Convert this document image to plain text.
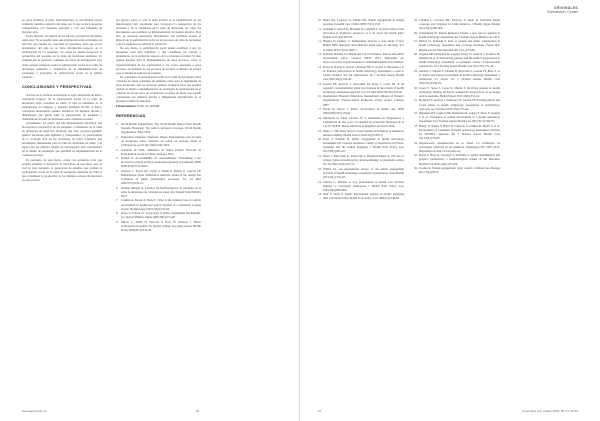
en estos términos. A nivel latinoamericano se encontraron escasa evidencia científica respecto del tema, por lo que se hace necesario complementar con literatura relevante y con una búsqueda de literatura gris.

Todos diversos, en opinión de los autores, encontraron relevantes entre estos. No es posible tener aún información sobre actividades de este tipo que pueden ser conocidas por pacientes, dado que en los documentos del país no se tiene información respecto de la participación de los pacientes, los cuales no suelen incorporar la perspectiva del paciente en la toma de decisiones sanitarias. Es evidente que es necesario continuar esta línea de investigación para poder generar evidencia sobre la participación social en la toma de decisiones sanitarias y evaluación de la implementación de estrategias y programas de participación social en el ámbito sanitario.

CONCLUSIONES Y PERSPECTIVAS.

A través de la revisión de literatura se logró desarrollar un marco conceptual respecto de la participación social en la toma de decisiones sobre cobertura en salud. Si bien el fenómeno de la participación es complejo, y presenta múltiples niveles, el marco conceptual desarrollado permite identificar los distintos niveles y dimensiones que puede tener la participación de pacientes y ciudadanía en la toma de decisiones sobre cobertura en salud.

Actualmente, los países que han implementado iniciativas que incorporan la perspectiva de los pacientes y ciudadanos en la toma de decisiones en salud han mostrado que estos procesos permiten generar decisiones más legítimas y transparentes. La participación de la sociedad civil en las decisiones de salud constituye una herramienta fundamental para la toma de decisiones en salud, y se espera que los distintos niveles de participación sean considerados en el diseño de estrategias que permitan su implementación en el contexto nacional.

Es necesario, de este modo, contar con evidencia local que permita sustentar el desarrollo de iniciativas en esta línea, para lo cual se hace necesario la generación de estudios que evalúen la participación social en la toma de decisiones sanitarias en Chile y que consideren la perspectiva de los distintos actores involucrados en este proceso.

Un aspecto sobre el cual se debe avanzar es la identificación de las metodologías más apropiadas para incorporar la perspectiva de los pacientes y de la ciudadanía en la toma de decisiones, así como los mecanismos que permitan su implementación de manera efectiva. Para ello, es necesario desarrollar herramientas que permitan evaluar el impacto de la participación social en los procesos de toma de decisiones y en los resultados en salud de la población.

De este modo, la participación social puede contribuir a que las decisiones sean más legítimas, y que consideren los valores y preferencias de la población respecto de la cobertura en salud. Si bien existen desafíos para la implementación de estos procesos, como la representatividad de los participantes y los costos asociados a estos procesos, su inclusión en los procesos de decisión constituye un avance para el sistema de salud en su conjunto.

En conclusión, la participación social en la toma de decisiones sobre cobertura en salud constituye un elemento clave para la legitimidad de estas decisiones. Aún es necesario generar evidencia local que permita orientar el diseño e implementación de estrategias de participación en el contexto de los procesos de priorización en salud, de modo que puedan considerarse los distintos niveles y dimensiones identificadas en la presente revisión de literatura.

Financiamiento: Fondo SA 14I0288.

REFERENCIAS.
1. World Health Organization. The World Health Report 2010. Health Systems Financing: The path to universal coverage. World Health Organization; Press 2010.
2. Ormazabal, Gimenez, Sandoval, Vargas. Planteamiento para la toma de decisiones sobre cobertura en salud: un enfoque desde la participación social. Rev Méd Chile 2016.
3. Gobierno de Chile, Ministerio de Salud. Política Nacional de Participación Social en Salud. Santiago; 2015.
4. Daniels N. Accountability for reasonableness. Establishing a fair process for priority setting is easier than agreeing on principles. BMJ 2000;321(7272):1300-1.
5. Abelson J, Forest PG, Eyles J, Smith P, Martin E, Gauvin FP. Deliberations about deliberative methods: issues in the design and evaluation of public participation processes. Soc Sci Med 2003;57(2):239-51.
6. Ocampo-Melgar A, Lavados M. Representación de pacientes en la toma de decisiones de cobertura en salud. Rev Panam Salud Pública 2017.
7. Conklin A, Morris Z, Nolte E. What is the evidence base for public involvement in health-care policy? Results of a systematic scoping review. Health Expect 2015;18(2):153-65.
8. Rowe G, Frewer LJ. A typology of public engagement mechanisms. Sci Technol Human Values 2005;30(2):251-90.
9. Mitton C, Smith N, Peacock S, Evoy B, Abelson J. Public participation in health care priority setting: A scoping review. Health Policy 2009;91(3):219-28.
Avenuga Prisco N.	66
ORIGINALES
Gunnarsson, Ceriani
10.Bruni RA, Laupacis A, Martin DK. Public engagement in setting priorities in health care. CMAJ 2008;179(1):15-8.
11.Stafinski T, Menon D, Marshall D, Caulfield T. Societal values in the allocation of healthcare resources: is it all about the health gain? Patient 2011;4(4):207-25.
12.Hughes D, Doheny S. Deliberating Tarceva: a case study of how British NHS managers and clinicians make sense of rationing. Soc Sci Med 2011;73(12):1690-7.
13.National Institute for Health and Care Excellence. Patient and public involvement policy. London: NICE; 2013. Disponible en: https://www.nice.org.uk/about/nice-communities/public-involvement
14.Facey K, Boivin A, Gracia J, Hansen HP, Lo Scalzo A, Mossman J, et al. Patients' perspectives in health technology assessment: a route to robust evidence and fair deliberation. Int J Technol Assess Health Care 2010;26(3):334-40.
15.Gauvin FP, Abelson J, Giacomini M, Eyles J, Lavis JN. 'It all depends': conceptualizing public involvement in the context of health technology assessment agencies. Soc Sci Med 2010;70(10):1518-26.
16.International Hospital Federation. International Alliance of Patients' Organizations. Patient-centred healthcare: Policy review. London; 2007.
17.Florin D, Dixon J. Public involvement in health care. BMJ 2004;328(7432):159-61.
18.Ministerio de Salud. Decreto N° 2. Determina los diagnósticos y tratamientos de alto costo con sistema de protección financiera de la Ley N° 20.850. Diario Oficial de la República de Chile; 2016.
19.Mateo J. Still many moves toward patient participation in healthcare decision making. Health Expect 2016;19(5):1007-9.
20.Kreis J, Schmidt H. Public engagement in health technology assessment and coverage decisions: a study of experiences in France, Germany, and the United Kingdom. J Health Polit Policy Law 2013;38(1):89-122.
21.Street J, Duszynski K, Krawczyk S, Braunack-Mayer A. The use of citizens' juries in health policy decision-making: A systematic review. Soc Sci Med 2014;109:1-9.
22.Whitty JA. An international survey of the public engagement practices of health technology assessment organizations. Value Health 2013;16(1):155-63.
23.Charles C, DeMaio S. Lay participation in health care decision making: a conceptual framework. J Health Polit Policy Law 1993;18(4):881-904.
24.Wait S, Nolte E. Public involvement policies in health: exploring their conceptual basis. Health Econ Policy Law 2006;1(2):149-62.
25.Cubillos L, Escobar ML, Pavlovic S, Iunes R. Universal health coverage and litigation in Latin America. J Health Organ Manag 2012;26(3):390-406.
26.Schulenberg M. Patient Reference Panels: a new role for patients in health technology assessment. Int J Technol Assess Health Care 2013.
27.Menon D, Stafinski T. Role of patient and public participation in health technology assessment and coverage decisions. Expert Rev Pharmacoecon Outcomes Res 2011;11(1):75-89.
28.Gagnon MP, Desmartis M, Lepage-Savary D, Gagnon J, St-Pierre M, Rhainds M, et al. Introducing patients' and the public's perspectives to health technology assessment: A systematic review of international experiences. Int J Technol Assess Health Care 2011;27(1):31-42.
29.Abelson J, Wagner F, DeJean D, Boesveld S, Gauvin FP, Bean S, et al. Public and patient involvement in health technology assessment: a framework for action. Int J Technol Assess Health Care 2016;32(4):256-64.
30.Lopes E, Street J, Carter D, Merlin T. Involving patients in health technology funding decisions: stakeholder perspectives on processes used in Australia. Health Expect 2016;19(2):331-44.
31.Bombard Y, Abelson J, Simeonov D, Gauvin FP. Eliciting ethical and social values in health technology assessment: A participatory approach. Soc Sci Med 2011;73(1):135-44.
32.Dipankui MT, Gagnon MP, Desmartis M, Légaré F, Piron F, Gagnon J, et al. Evaluation of patient involvement in a health technology assessment. Int J Technol Assess Health Care 2015;31(3):166-70.
33.Hailey D, Werko S, Bakri R, Cameron A, Göhlen B, Myles S, et al. Involvement of consumers in health technology assessment activities by INAHTA agencies. Int J Technol Assess Health Care 2013;29(1):79-83.
34.Organización Panamericana de la Salud. La evaluación de tecnologías sanitarias en las Américas. Washington DC: OPS; 2012. Disponible en: http://www.paho.org
35.Dolan P, Shaw R, Tsuchiya A, Williams A. QALY maximisation and people's preferences: a methodological review of the literature. Health Econ 2005;14(2):197-208.
36.Coulter A. Patient engagement: what works? J Ambul Care Manage 2012;35(2):80-9.
67	Cuad Méd Soc (Chile) 2018, 58 (1): 59-65
